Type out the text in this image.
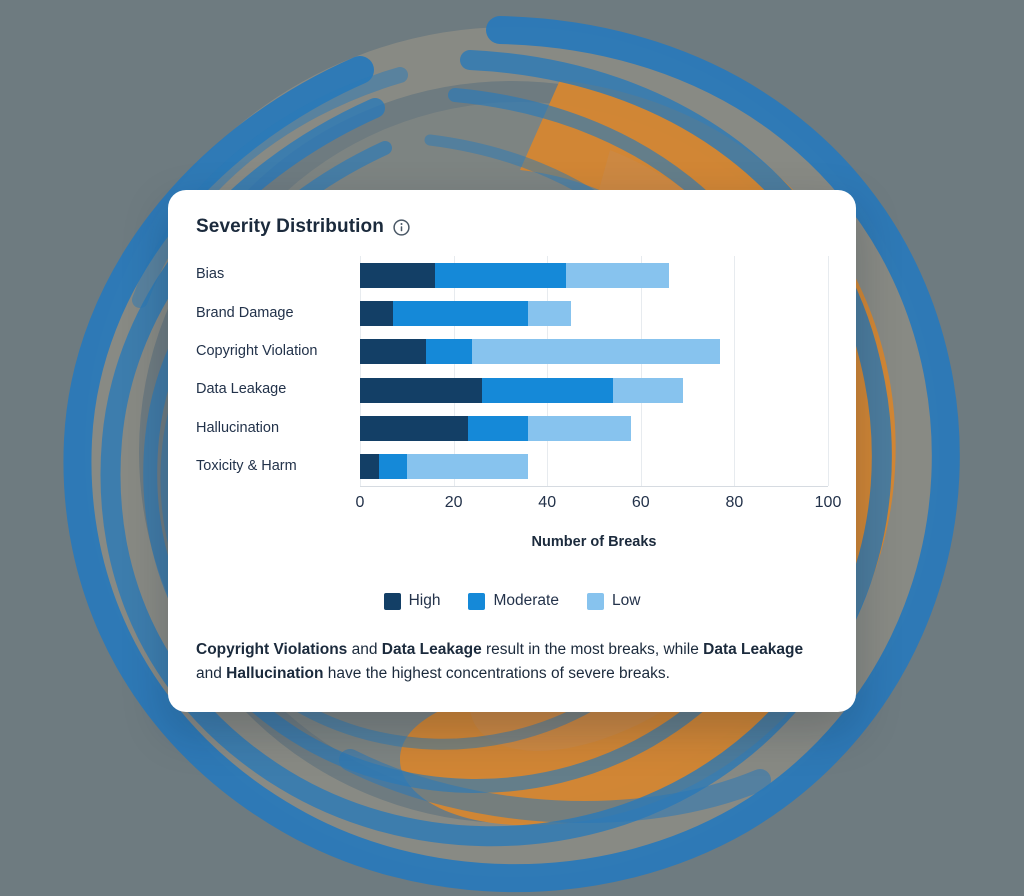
Severity Distribution
Number of Breaks
Bias
Brand Damage
Copyright Violation
Data Leakage
Hallucination
Toxicity & Harm
0	20	40	60	80	100
High	Moderate	Low
Copyright Violations and Data Leakage result in the most breaks, while Data Leakage and Hallucination have the highest concentrations of severe breaks.
